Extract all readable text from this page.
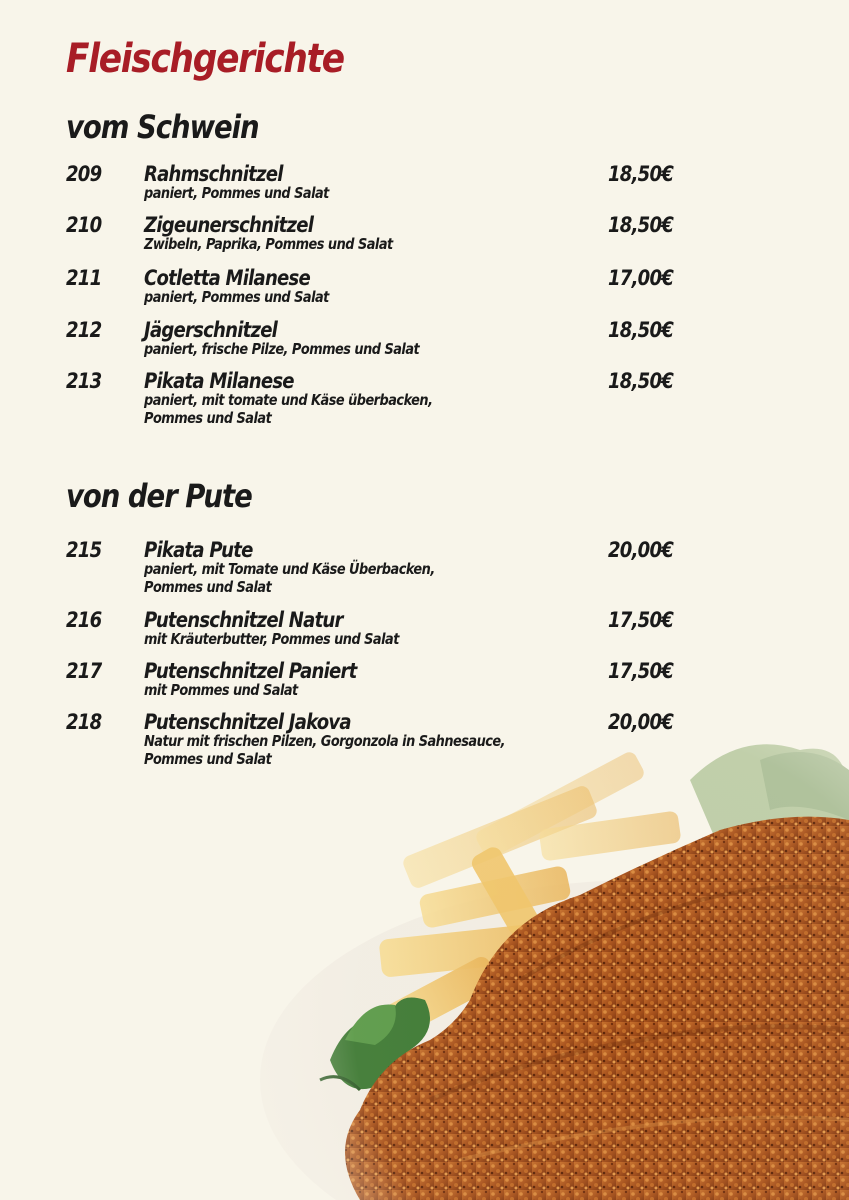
Fleischgerichte
vom Schwein
209 Rahmschnitzel
paniert, Pommes und Salat
18,50€
210 Zigeunerschnitzel
Zwibeln, Paprika, Pommes und Salat
18,50€
211 Cotletta Milanese
paniert, Pommes und Salat
17,00€
212 Jägerschnitzel
paniert, frische Pilze, Pommes und Salat
18,50€
213 Pikata Milanese
paniert, mit tomate und Käse überbacken,
Pommes und Salat
18,50€
von der Pute
215 Pikata Pute
paniert, mit Tomate und Käse Überbacken,
Pommes und Salat
20,00€
216 Putenschnitzel Natur
mit Kräuterbutter, Pommes und Salat
17,50€
217 Putenschnitzel Paniert
mit Pommes und Salat
17,50€
218 Putenschnitzel Jakova
Natur mit frischen Pilzen, Gorgonzola in Sahnesauce,
Pommes und Salat
20,00€
